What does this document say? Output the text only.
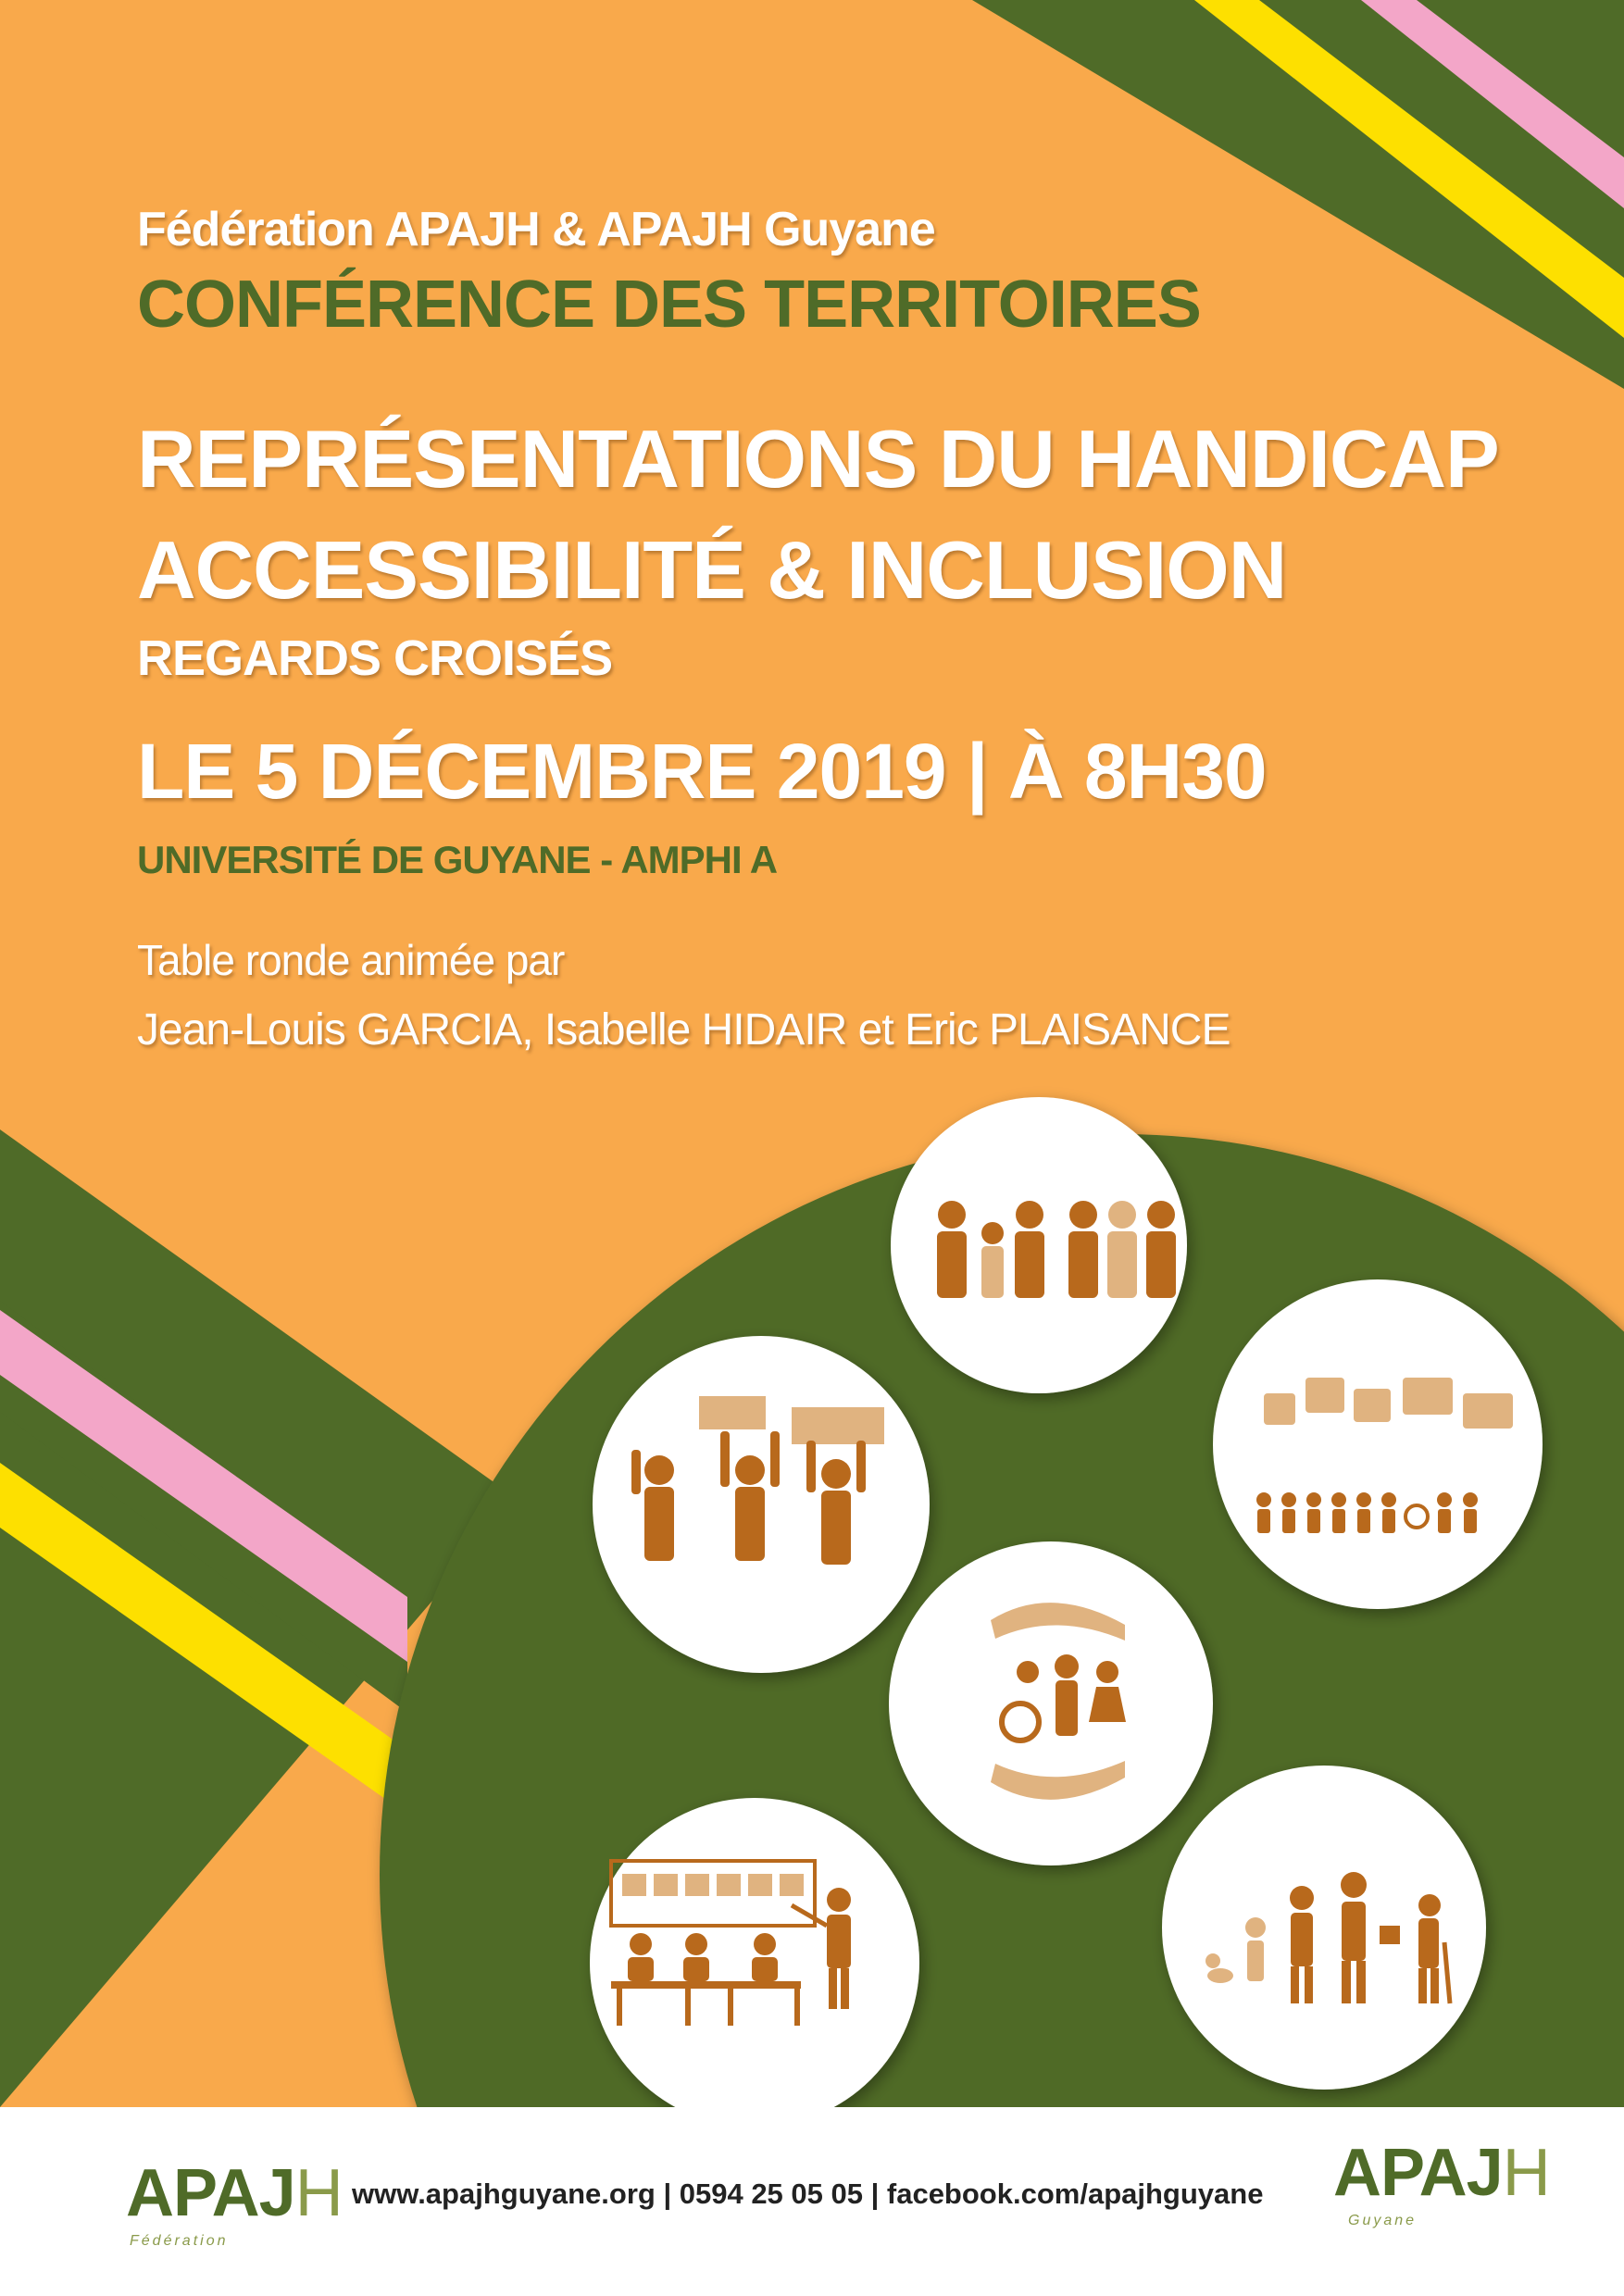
Fédération APAJH & APAJH Guyane

CONFÉRENCE DES TERRITOIRES

REPRÉSENTATIONS DU HANDICAP

ACCESSIBILITÉ & INCLUSION

REGARDS CROISÉS

LE 5 DÉCEMBRE 2019 | À 8H30

UNIVERSITÉ DE GUYANE - AMPHI A

Table ronde animée par

Jean-Louis GARCIA, Isabelle HIDAIR et Eric PLAISANCE

APAJH
Fédération
www.apajhguyane.org | 0594 25 05 05 | facebook.com/apajhguyane APAJH
Guyane
